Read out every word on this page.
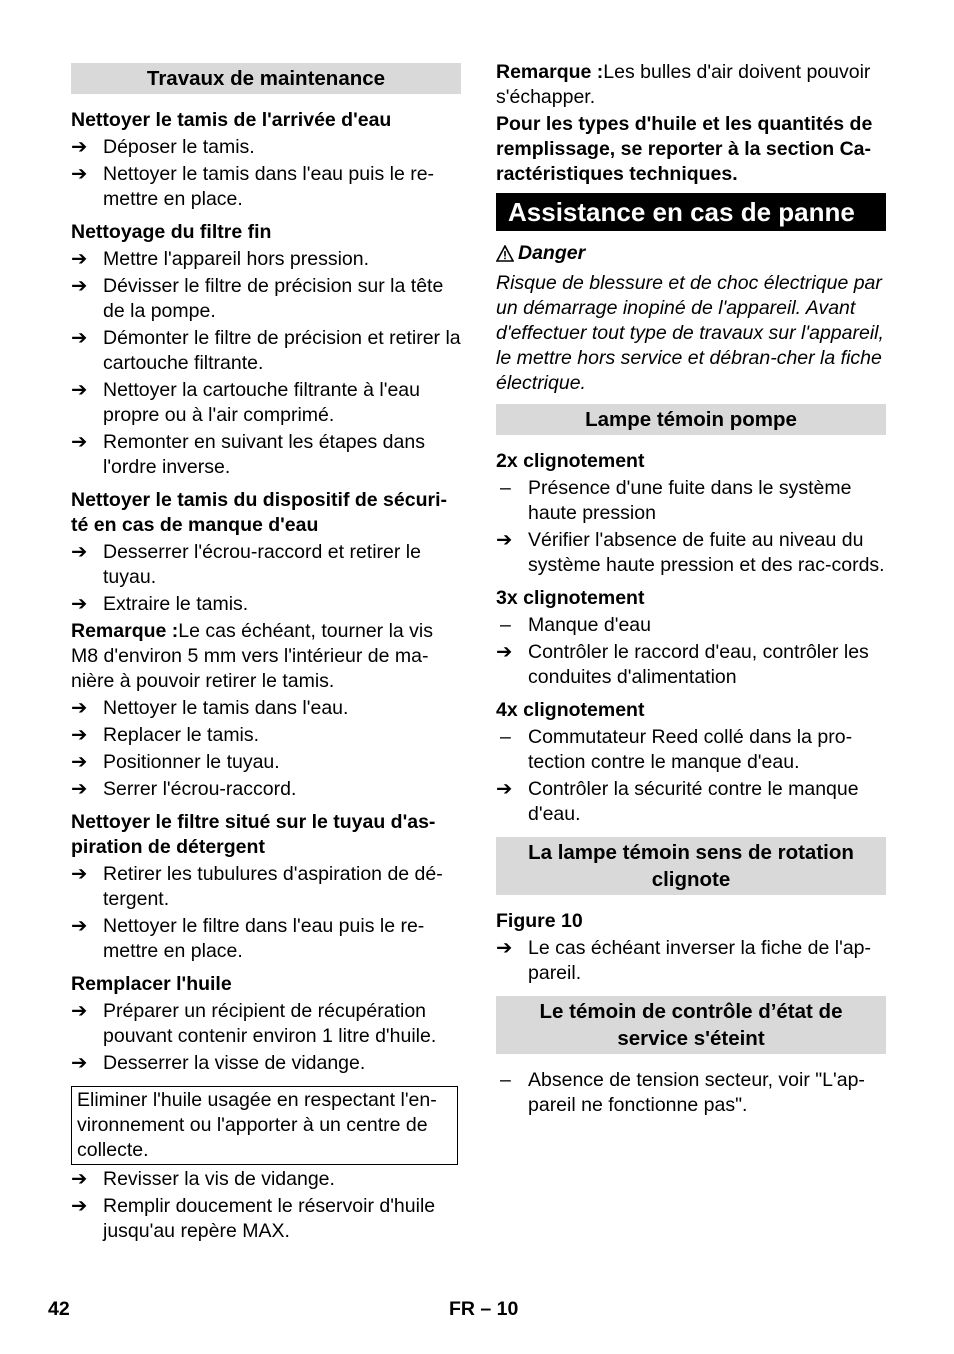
Travaux de maintenance
Nettoyer le tamis de l'arrivée d'eau
➔ Déposer le tamis.
➔ Nettoyer le tamis dans l'eau puis le re-mettre en place.
Nettoyage du filtre fin
➔ Mettre l'appareil hors pression.
➔ Dévisser le filtre de précision sur la tête de la pompe.
➔ Démonter le filtre de précision et retirer la cartouche filtrante.
➔ Nettoyer la cartouche filtrante à l'eau propre ou à l'air comprimé.
➔ Remonter en suivant les étapes dans l'ordre inverse.
Nettoyer le tamis du dispositif de sécuri-té en cas de manque d'eau
➔ Desserrer l'écrou-raccord et retirer le tuyau.
➔ Extraire le tamis.
Remarque :Le cas échéant, tourner la vis M8 d'environ 5 mm vers l'intérieur de ma-nière à pouvoir retirer le tamis.
➔ Nettoyer le tamis dans l'eau.
➔ Replacer le tamis.
➔ Positionner le tuyau.
➔ Serrer l'écrou-raccord.
Nettoyer le filtre situé sur le tuyau d'as-piration de détergent
➔ Retirer les tubulures d'aspiration de dé-tergent.
➔ Nettoyer le filtre dans l'eau puis le re-mettre en place.
Remplacer l'huile
➔ Préparer un récipient de récupération pouvant contenir environ 1 litre d'huile.
➔ Desserrer la visse de vidange.
Eliminer l'huile usagée en respectant l'en-vironnement ou l'apporter à un centre de collecte.
➔ Revisser la vis de vidange.
➔ Remplir doucement le réservoir d'huile jusqu'au repère MAX.
Remarque :Les bulles d'air doivent pouvoir s'échapper.
Pour les types d'huile et les quantités de remplissage, se reporter à la section Ca-ractéristiques techniques.
Assistance en cas de panne
Danger
Risque de blessure et de choc électrique par un démarrage inopiné de l'appareil. Avant d'effectuer tout type de travaux sur l'appareil, le mettre hors service et débran-cher la fiche électrique.
Lampe témoin pompe
2x clignotement
– Présence d'une fuite dans le système haute pression
➔ Vérifier l'absence de fuite au niveau du système haute pression et des rac-cords.
3x clignotement
– Manque d'eau
➔ Contrôler le raccord d'eau, contrôler les conduites d'alimentation
4x clignotement
– Commutateur Reed collé dans la pro-tection contre le manque d'eau.
➔ Contrôler la sécurité contre le manque d'eau.
La lampe témoin sens de rotation clignote
Figure 10
➔ Le cas échéant inverser la fiche de l'ap-pareil.
Le témoin de contrôle d’état de service s'éteint
– Absence de tension secteur, voir "L'ap-pareil ne fonctionne pas".
42	FR – 10
